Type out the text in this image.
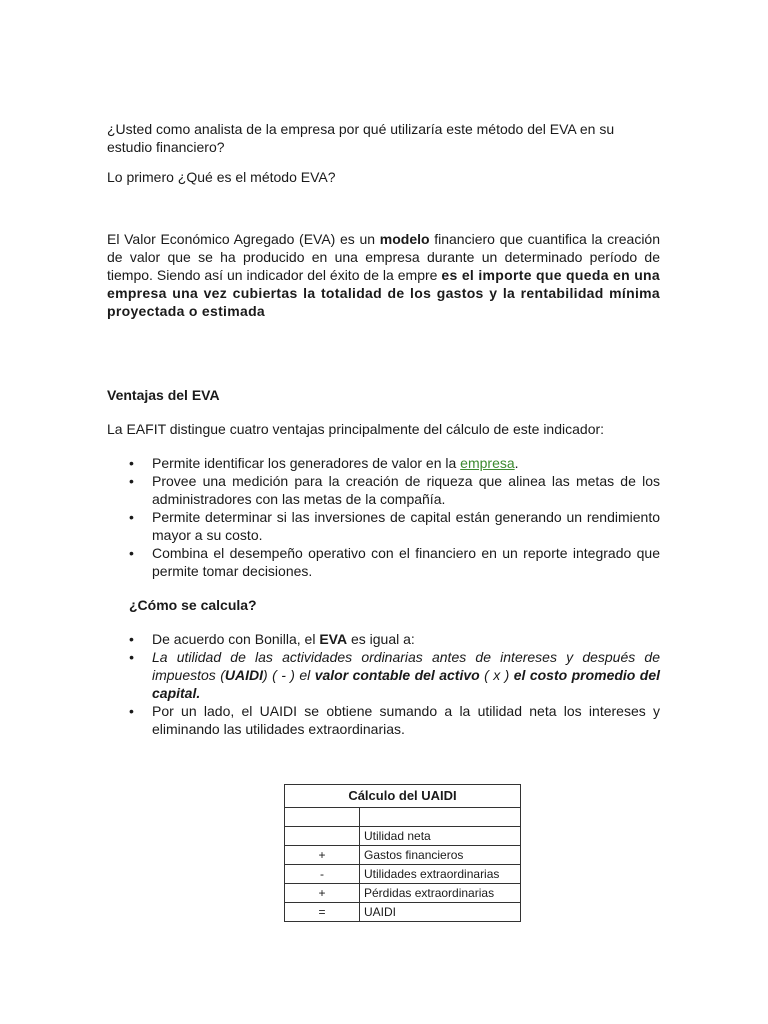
¿Usted como analista de la empresa por qué utilizaría este método del EVA en su estudio financiero?

Lo primero ¿Qué es el método EVA?

El Valor Económico Agregado (EVA) es un modelo financiero que cuantifica la creación de valor que se ha producido en una empresa durante un determinado período de tiempo. Siendo así un indicador del éxito de la empre es el importe que queda en una empresa una vez cubiertas la totalidad de los gastos y la rentabilidad mínima proyectada o estimada

Ventajas del EVA

La EAFIT distingue cuatro ventajas principalmente del cálculo de este indicador:

• Permite identificar los generadores de valor en la empresa.
• Provee una medición para la creación de riqueza que alinea las metas de los administradores con las metas de la compañía.
• Permite determinar si las inversiones de capital están generando un rendimiento mayor a su costo.
• Combina el desempeño operativo con el financiero en un reporte integrado que permite tomar decisiones.

¿Cómo se calcula?

• De acuerdo con Bonilla, el EVA es igual a:
• La utilidad de las actividades ordinarias antes de intereses y después de impuestos (UAIDI) ( - ) el valor contable del activo ( x ) el costo promedio del capital.
• Por un lado, el UAIDI se obtiene sumando a la utilidad neta los intereses y eliminando las utilidades extraordinarias.
Cálculo del UAIDI	

	Utilidad neta
+	Gastos financieros
-	Utilidades extraordinarias
+	Pérdidas extraordinarias
=	UAIDI
